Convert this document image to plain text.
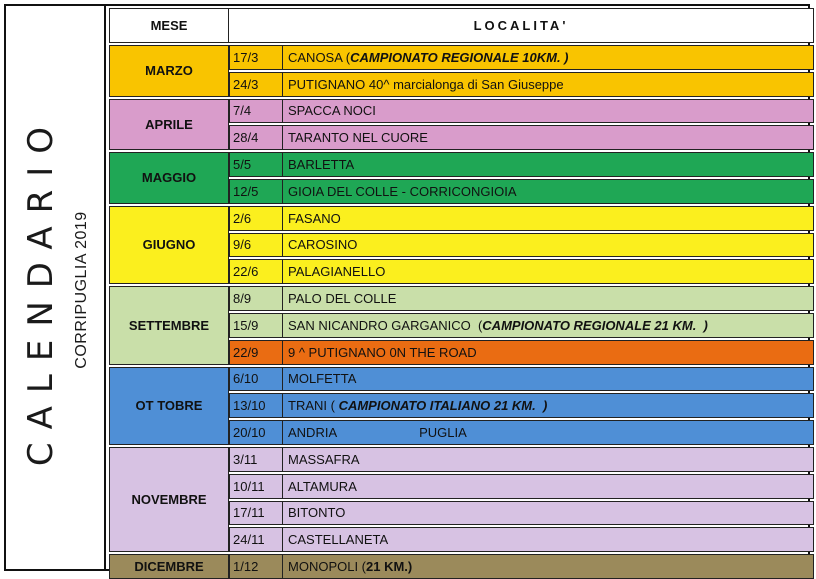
CALENDARIO CORRIPUGLIA 2019
MESE	LOCALITA'
MARZO
17/3	CANOSA ( CAMPIONATO REGIONALE 10KM. )
24/3	PUTIGNANO 40^ marcialonga di San Giuseppe
APRILE
7/4	SPACCA NOCI
28/4	TARANTO NEL CUORE
MAGGIO
5/5	BARLETTA
12/5	GIOIA DEL COLLE - CORRICONGIOIA
GIUGNO
2/6	FASANO
9/6	CAROSINO
22/6	PALAGIANELLO
SETTEMBRE
8/9	PALO DEL COLLE
15/9	SAN NICANDRO GARGANICO  ( CAMPIONATO REGIONALE 21 KM.  )
22/9	9 ^ PUTIGNANO 0N THE ROAD
OT TOBRE
6/10	MOLFETTA
13/10	TRANI ( CAMPIONATO ITALIANO 21 KM.  )
20/10	ANDRIA	PUGLIA
NOVEMBRE
3/11	MASSAFRA
10/11	ALTAMURA
17/11	BITONTO
24/11	CASTELLANETA
DICEMBRE	1/12	MONOPOLI ( 21 KM.)
